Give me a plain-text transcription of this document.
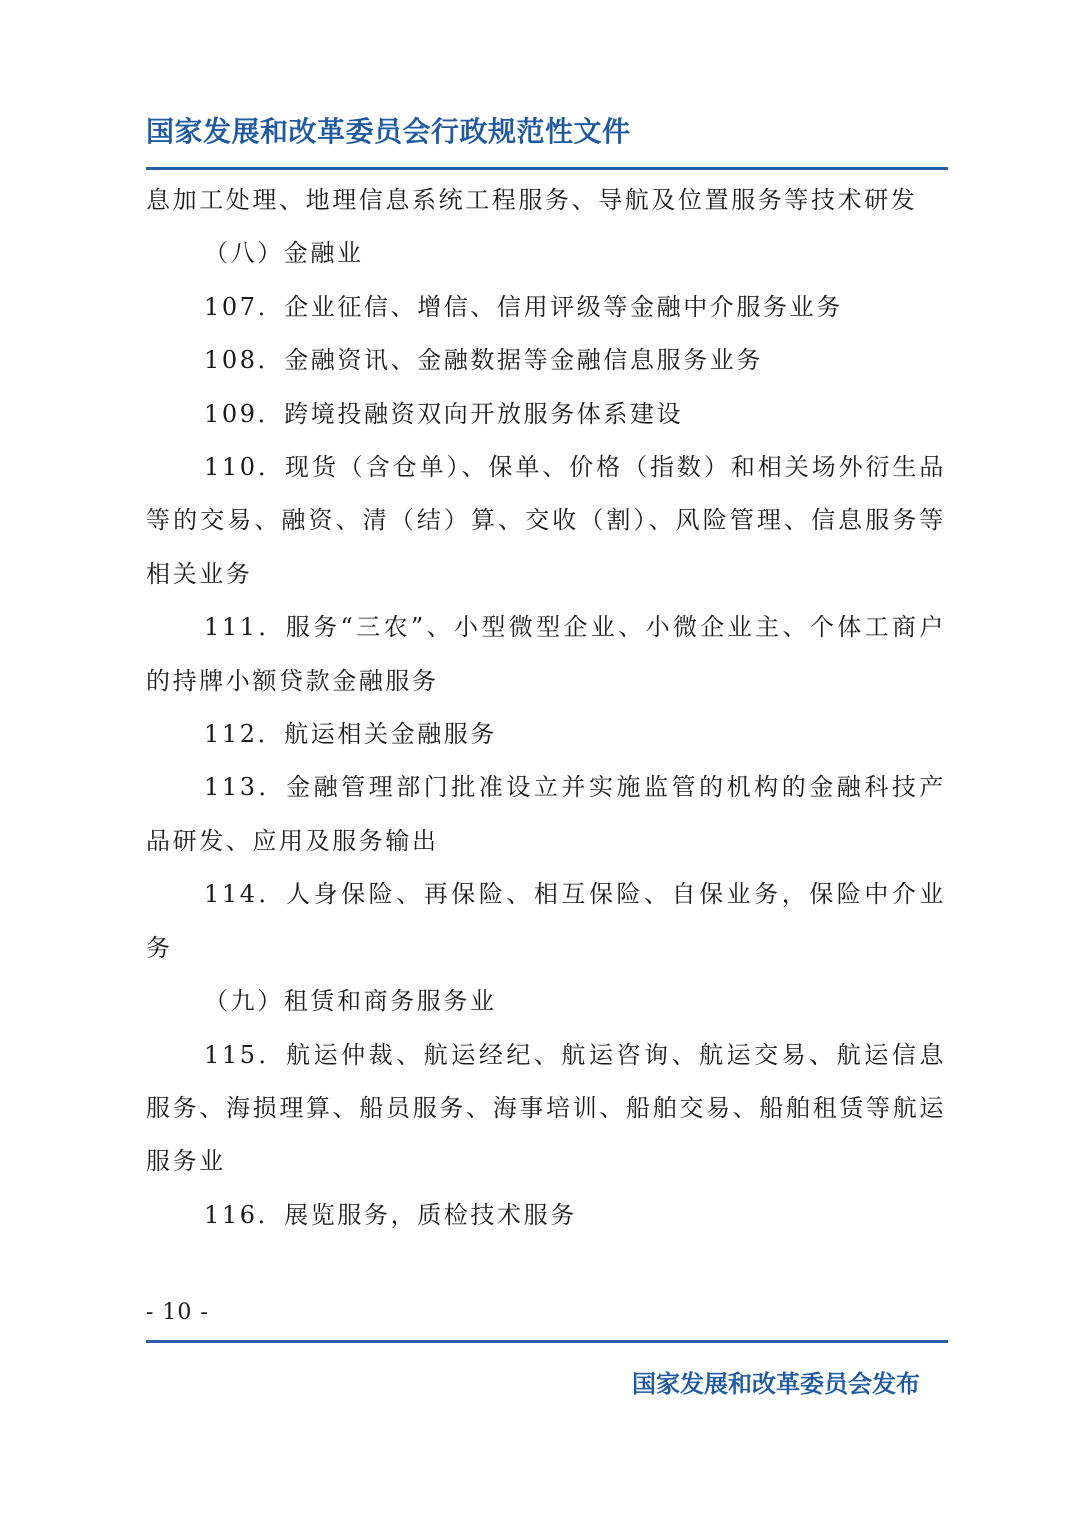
国家发展和改革委员会行政规范性文件

息加工处理、地理信息系统工程服务、导航及位置服务等技术研发

（八）金融业

107．企业征信、增信、信用评级等金融中介服务业务

108．金融资讯、金融数据等金融信息服务业务

109．跨境投融资双向开放服务体系建设

110．现货（含仓单）、保单、价格（指数）和相关场外衍生品等的交易、融资、清（结）算、交收（割）、风险管理、信息服务等相关业务

111．服务“三农”、小型微型企业、小微企业主、个体工商户的持牌小额贷款金融服务

112．航运相关金融服务

113．金融管理部门批准设立并实施监管的机构的金融科技产品研发、应用及服务输出

114．人身保险、再保险、相互保险、自保业务，保险中介业务

（九）租赁和商务服务业

115．航运仲裁、航运经纪、航运咨询、航运交易、航运信息服务、海损理算、船员服务、海事培训、船舶交易、船舶租赁等航运服务业

116．展览服务，质检技术服务

- 10 -
国家发展和改革委员会发布
